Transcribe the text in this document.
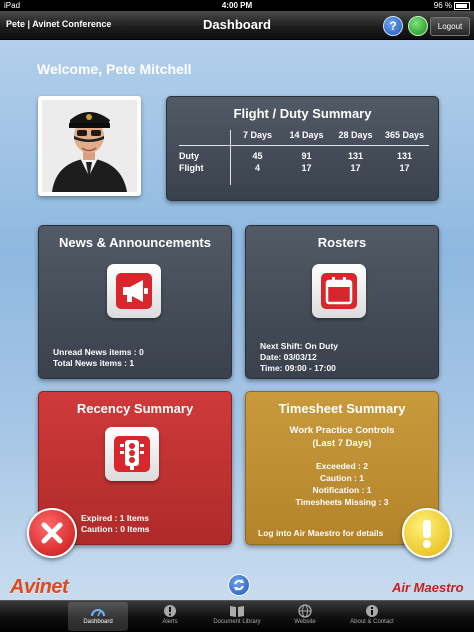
iPad	4:00 PM	96 %
Pete | Avinet Conference	Dashboard	?	Logout
Welcome, Pete Mitchell
Flight / Duty Summary
7 Days	14 Days	28 Days	365 Days
Duty	45	91	131	131
Flight	4	17	17	17
News & Announcements
Unread News items : 0
Total News items : 1
Rosters
Next Shift: On Duty
Date: 03/03/12
Time: 09:00 - 17:00
Recency Summary
Expired : 1 Items
Caution : 0 Items
Timesheet Summary
Work Practice Controls
(Last 7 Days)
Exceeded : 2
Caution : 1
Notification : 1
Timesheets Missing : 3
Log into Air Maestro for details
Avinet	Air Maestro
Dashboard	Alerts	Document Library	Website	About & Contact
